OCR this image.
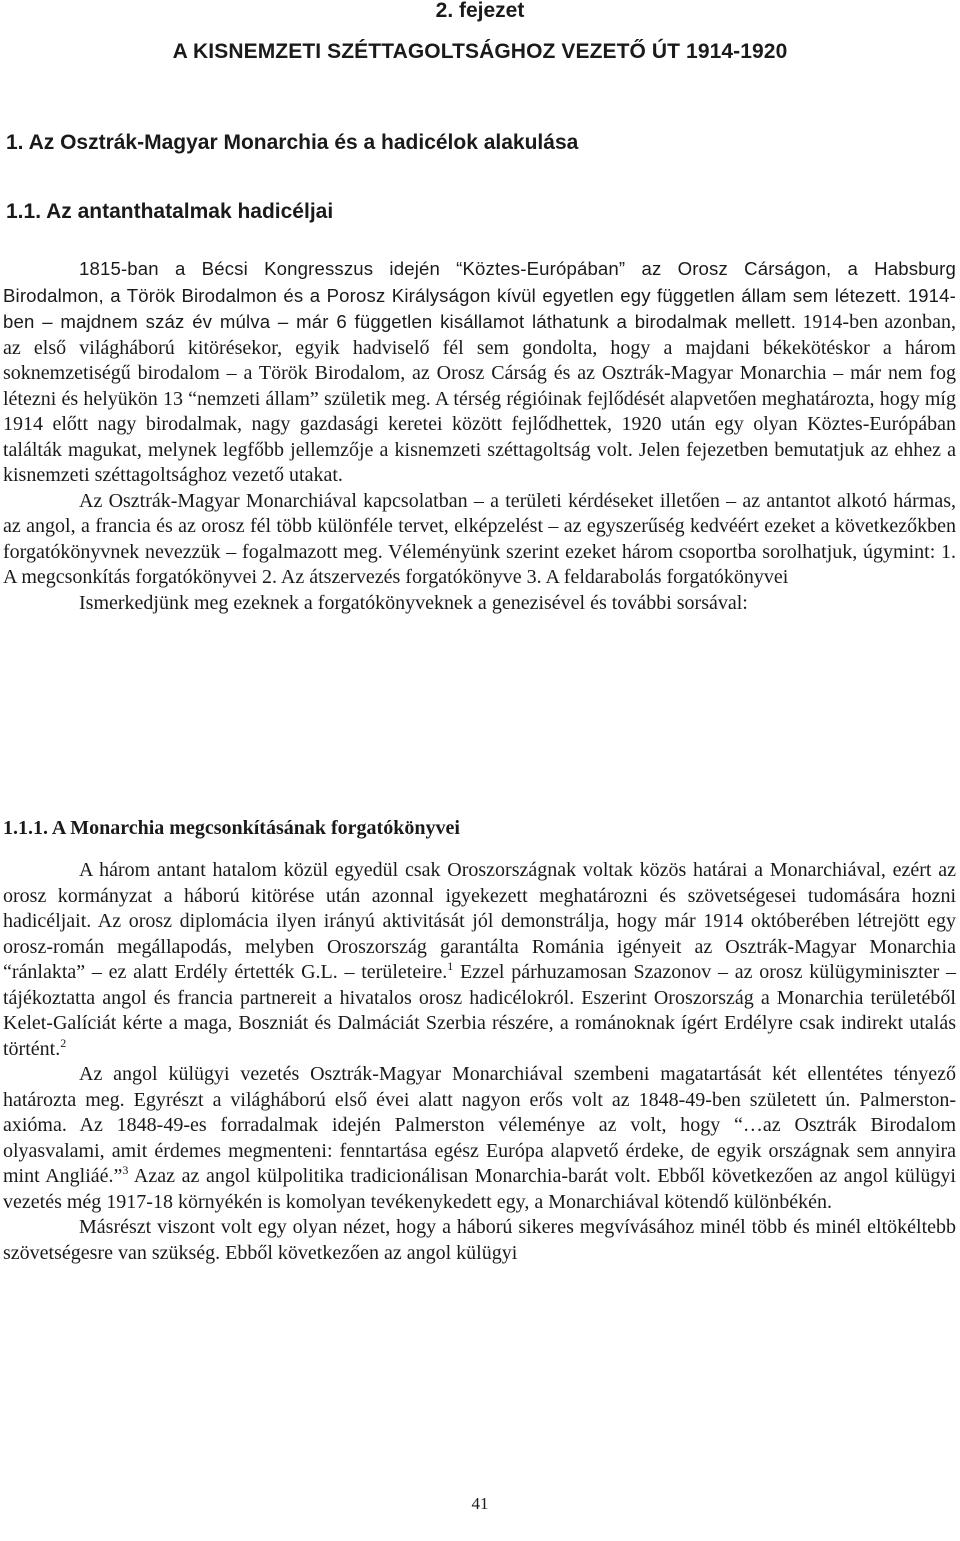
2. fejezet
A KISNEMZETI SZÉTTAGOLTSÁGHOZ VEZETŐ ÚT 1914-1920
1. Az Osztrák-Magyar Monarchia és a hadicélok alakulása
1.1. Az antanthatalmak hadicéljai

1815-ban a Bécsi Kongresszus idején “Köztes-Európában” az Orosz Cárságon, a Habsburg Birodalmon, a Török Birodalmon és a Porosz Királyságon kívül egyetlen egy független állam sem létezett. 1914-ben – majdnem száz év múlva – már 6 független kisállamot láthatunk a birodalmak mellett. 1914-ben azonban, az első világháború kitörésekor, egyik hadviselő fél sem gondolta, hogy a majdani békekötéskor a három soknemzetiségű birodalom – a Török Birodalom, az Orosz Cárság és az Osztrák-Magyar Monarchia – már nem fog létezni és helyükön 13 “nemzeti állam” születik meg. A térség régióinak fejlődését alapvetően meghatározta, hogy míg 1914 előtt nagy birodalmak, nagy gazdasági keretei között fejlődhettek, 1920 után egy olyan Köztes-Európában találták magukat, melynek legfőbb jellemzője a kisnemzeti széttagoltság volt. Jelen fejezetben bemutatjuk az ehhez a kisnemzeti széttagoltsághoz vezető utakat.

Az Osztrák-Magyar Monarchiával kapcsolatban – a területi kérdéseket illetően – az antantot alkotó hármas, az angol, a francia és az orosz fél több különféle tervet, elképzelést – az egyszerűség kedvéért ezeket a következőkben forgatókönyvnek nevezzük – fogalmazott meg. Véleményünk szerint ezeket három csoportba sorolhatjuk, úgymint: 1. A megcsonkítás forgatókönyvei 2. Az átszervezés forgatókönyve 3. A feldarabolás forgatókönyvei

Ismerkedjünk meg ezeknek a forgatókönyveknek a genezisével és további sorsával:

1.1.1. A Monarchia megcsonkításának forgatókönyvei

A három antant hatalom közül egyedül csak Oroszországnak voltak közös határai a Monarchiával, ezért az orosz kormányzat a háború kitörése után azonnal igyekezett meghatározni és szövetségesei tudomására hozni hadicéljait. Az orosz diplomácia ilyen irányú aktivitását jól demonstrálja, hogy már 1914 októberében létrejött egy orosz-román megállapodás, melyben Oroszország garantálta Románia igényeit az Osztrák-Magyar Monarchia “ránlakta” – ez alatt Erdély értették G.L. – területeire.$^1$ Ezzel párhuzamosan Szazonov – az orosz külügyminiszter – tájékoztatta angol és francia partnereit a hivatalos orosz hadicélokról. Eszerint Oroszország a Monarchia területéből Kelet-Galíciát kérte a maga, Boszniát és Dalmáciát Szerbia részére, a románoknak ígért Erdélyre csak indirekt utalás történt.$^2$

Az angol külügyi vezetés Osztrák-Magyar Monarchiával szembeni magatartását két ellentétes tényező határozta meg. Egyrészt a világháború első évei alatt nagyon erős volt az 1848-49-ben született ún. Palmerston-axióma. Az 1848-49-es forradalmak idején Palmerston véleménye az volt, hogy “…az Osztrák Birodalom olyasvalami, amit érdemes megmenteni: fenntartása egész Európa alapvető érdeke, de egyik országnak sem annyira mint Angliáé.”$^3$ Azaz az angol külpolitika tradicionálisan Monarchia-barát volt. Ebből következően az angol külügyi vezetés még 1917-18 környékén is komolyan tevékenykedett egy, a Monarchiával kötendő különbékén.

Másrészt viszont volt egy olyan nézet, hogy a háború sikeres megvívásához minél több és minél eltökéltebb szövetségesre van szükség. Ebből következően az angol külügyi

41
